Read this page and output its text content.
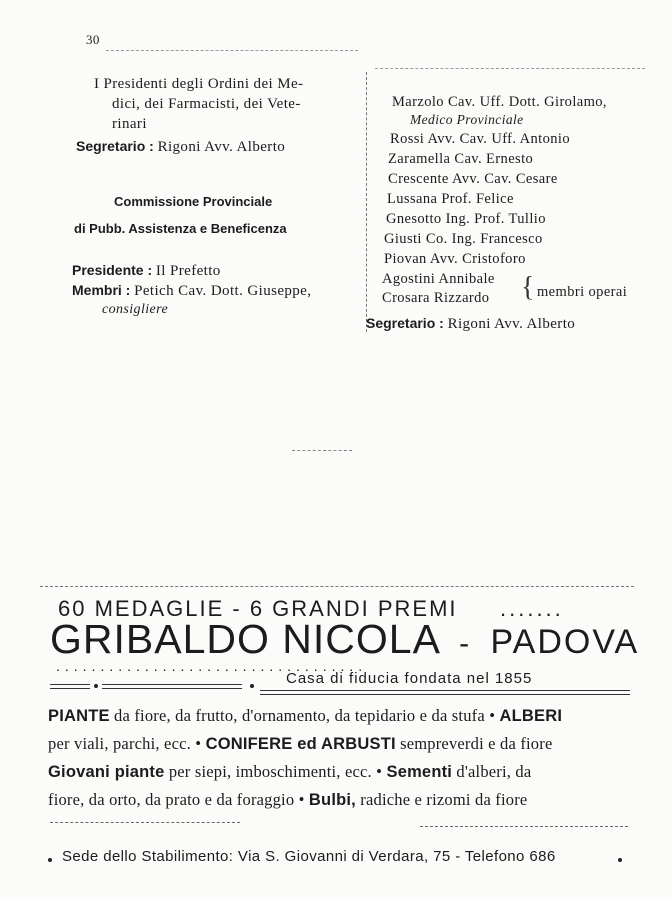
30
I Presidenti degli Ordini dei Me-
dici, dei Farmacisti, dei Vete-
rinari
Segretario : Rigoni Avv. Alberto
Commissione Provinciale
di Pubb. Assistenza e Beneficenza
Presidente : Il Prefetto
Membri : Petich Cav. Dott. Giuseppe,
consigliere
Marzolo Cav. Uff. Dott. Girolamo,
Medico Provinciale
Rossi Avv. Cav. Uff. Antonio
Zaramella Cav. Ernesto
Crescente Avv. Cav. Cesare
Lussana Prof. Felice
Gnesotto Ing. Prof. Tullio
Giusti Co. Ing. Francesco
Piovan Avv. Cristoforo
Agostini Annibale
Crosara Rizzardo { membri operai
Segretario : Rigoni Avv. Alberto
60 MEDAGLIE - 6 GRANDI PREMI .......
GRIBALDO NICOLA - PADOVA
...................................
Casa di fiducia fondata nel 1855
PIANTE da fiore, da frutto, d'ornamento, da tepidario e da stufa • ALBERI
per viali, parchi, ecc. • CONIFERE ed ARBUSTI sempreverdi e da fiore
Giovani piante per siepi, imboschimenti, ecc. • Sementi d'alberi, da
fiore, da orto, da prato e da foraggio • Bulbi, radiche e rizomi da fiore
Sede dello Stabilimento: Via S. Giovanni di Verdara, 75 - Telefono 686
